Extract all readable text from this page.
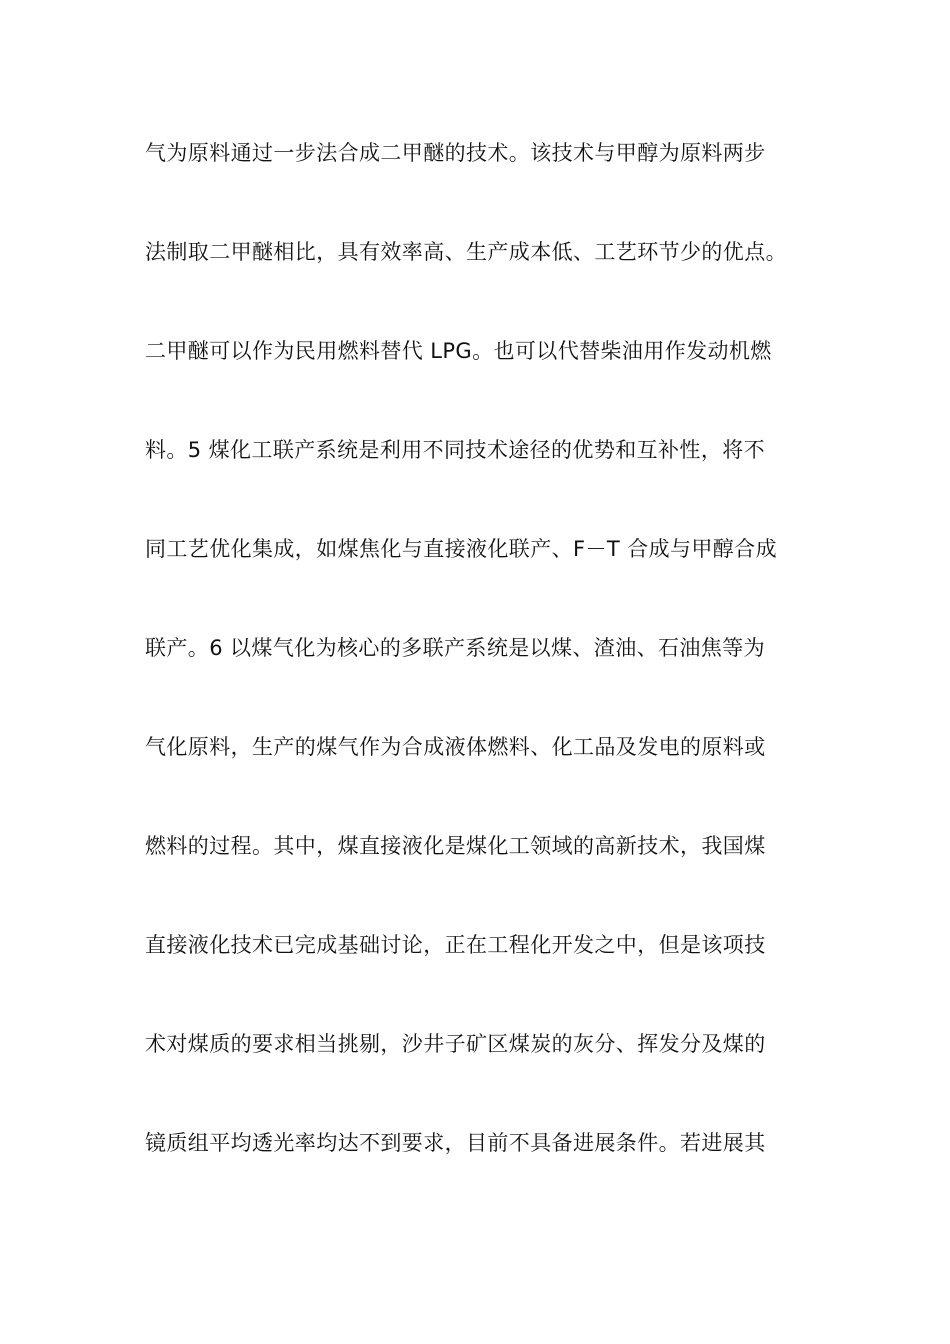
气为原料通过一步法合成二甲醚的技术。该技术与甲醇为原料两步
法制取二甲醚相比，具有效率高、生产成本低、工艺环节少的优点。
二甲醚可以作为民用燃料替代 LPG。也可以代替柴油用作发动机燃
料。5 煤化工联产系统是利用不同技术途径的优势和互补性，将不
同工艺优化集成，如煤焦化与直接液化联产、F－T 合成与甲醇合成
联产。6 以煤气化为核心的多联产系统是以煤、渣油、石油焦等为
气化原料，生产的煤气作为合成液体燃料、化工品及发电的原料或
燃料的过程。其中，煤直接液化是煤化工领域的高新技术，我国煤
直接液化技术已完成基础讨论，正在工程化开发之中，但是该项技
术对煤质的要求相当挑剔，沙井子矿区煤炭的灰分、挥发分及煤的
镜质组平均透光率均达不到要求，目前不具备进展条件。若进展其
